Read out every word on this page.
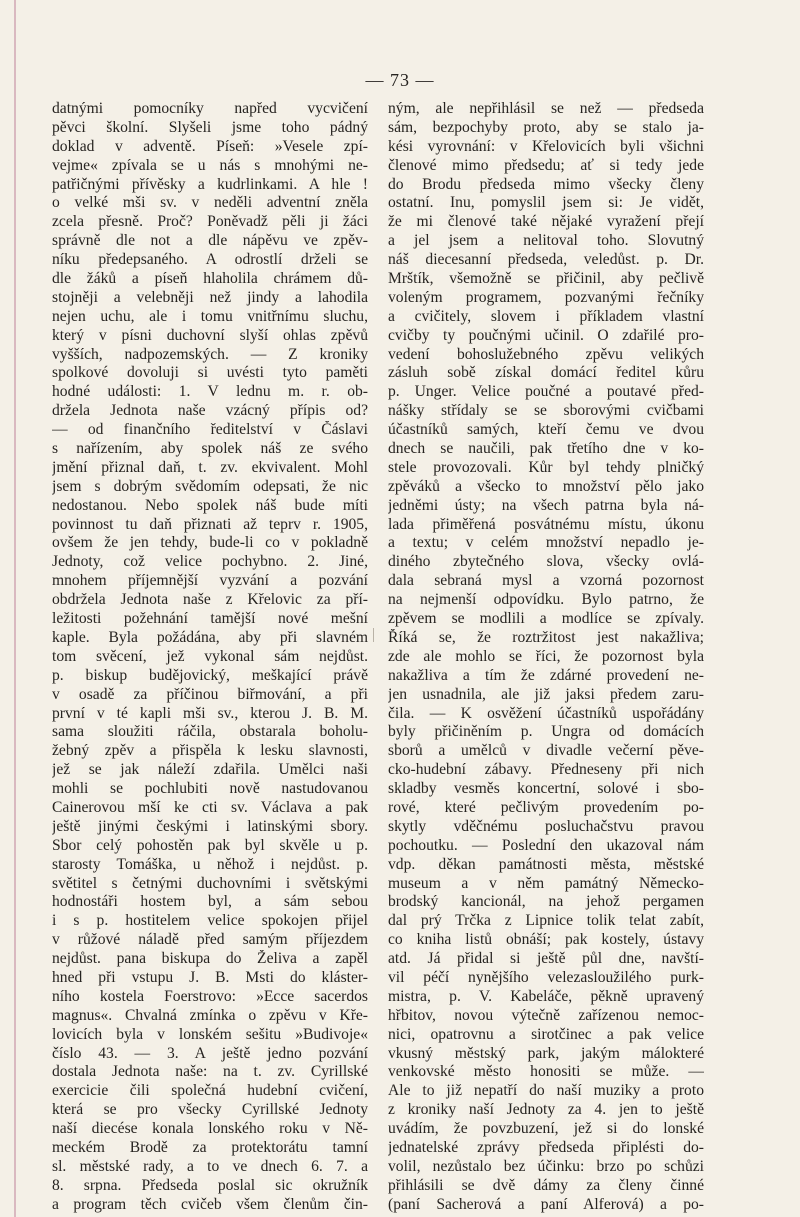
— 73 —
datnými pomocníky napřed vycvičení
pěvci školní. Slyšeli jsme toho pádný
doklad v adventě. Píseň: »Vesele zpí-
vejme« zpívala se u nás s mnohými ne-
patřičnými přívěsky a kudrlinkami. A hle !
o velké mši sv. v neděli adventní zněla
zcela přesně. Proč? Poněvadž pěli ji žáci
správně dle not a dle nápěvu ve zpěv-
níku předepsaného. A odrostlí drželi se
dle žáků a píseň hlaholila chrámem dů-
stojněji a velebněji než jindy a lahodila
nejen uchu, ale i tomu vnitřnímu sluchu,
který v písni duchovní slyší ohlas zpěvů
vyšších, nadpozemských. — Z kroniky
spolkové dovoluji si uvésti tyto paměti
hodné události: 1. V lednu m. r. ob-
držela Jednota naše vzácný přípis od?
— od finančního ředitelství v Čáslavi
s nařízením, aby spolek náš ze svého
jmění přiznal daň, t. zv. ekvivalent. Mohl
jsem s dobrým svědomím odepsati, že nic
nedostanou. Nebo spolek náš bude míti
povinnost tu daň přiznati až teprv r. 1905,
ovšem že jen tehdy, bude-li co v pokladně
Jednoty, což velice pochybno. 2. Jiné,
mnohem příjemnější vyzvání a pozvání
obdržela Jednota naše z Křelovic za pří-
ležitosti požehnání tamější nové mešní
kaple. Byla požádána, aby při slavném
tom svěcení, jež vykonal sám nejdůst.
p. biskup budějovický, meškající právě
v osadě za příčinou biřmování, a při
první v té kapli mši sv., kterou J. B. M.
sama sloužiti ráčila, obstarala boholu-
žebný zpěv a přispěla k lesku slavnosti,
jež se jak náleží zdařila. Umělci naši
mohli se pochlubiti nově nastudovanou
Cainerovou mší ke cti sv. Václava a pak
ještě jinými českými i latinskými sbory.
Sbor celý pohostěn pak byl skvěle u p.
starosty Tomáška, u něhož i nejdůst. p.
světitel s četnými duchovními i světskými
hodnostáři hostem byl, a sám sebou
i s p. hostitelem velice spokojen přijel
v růžové náladě před samým příjezdem
nejdůst. pana biskupa do Želiva a zapěl
hned při vstupu J. B. Msti do kláster-
ního kostela Foerstrovo: »Ecce sacerdos
magnus«. Chvalná zmínka o zpěvu v Kře-
lovicích byla v lonském sešitu »Budivoje«
číslo 43. — 3. A ještě jedno pozvání
dostala Jednota naše: na t. zv. Cyrillské
exercicie čili společná hudební cvičení,
která se pro všecky Cyrillské Jednoty
naší diecése konala lonského roku v Ně-
meckém Brodě za protektorátu tamní
sl. městské rady, a to ve dnech 6. 7. a
8. srpna. Předseda poslal sic okružník
a program těch cvičeb všem členům čin-
ným, ale nepřihlásil se než — předseda
sám, bezpochyby proto, aby se stalo ja-
kési vyrovnání: v Křelovicích byli všichni
členové mimo předsedu; ať si tedy jede
do Brodu předseda mimo všecky členy
ostatní. Inu, pomyslil jsem si: Je vidět,
že mi členové také nějaké vyražení přejí
a jel jsem a nelitoval toho. Slovutný
náš diecesanní předseda, veledůst. p. Dr.
Mrštík, všemožně se přičinil, aby pečlivě
voleným programem, pozvanými řečníky
a cvičitely, slovem i příkladem vlastní
cvičby ty poučnými učinil. O zdařilé pro-
vedení bohoslužebného zpěvu velikých
zásluh sobě získal domácí ředitel kůru
p. Unger. Velice poučné a poutavé před-
nášky střídaly se se sborovými cvičbami
účastníků samých, kteří čemu ve dvou
dnech se naučili, pak třetího dne v ko-
stele provozovali. Kůr byl tehdy plničký
zpěváků a všecko to množství pělo jako
jedněmi ústy; na všech patrna byla ná-
lada přiměřená posvátnému místu, úkonu
a textu; v celém množství nepadlo je-
diného zbytečného slova, všecky ovlá-
dala sebraná mysl a vzorná pozornost
na nejmenší odpovídku. Bylo patrno, že
zpěvem se modlili a modlíce se zpívaly.
Říká se, že roztržitost jest nakažliva;
zde ale mohlo se říci, že pozornost byla
nakažliva a tím že zdárné provedení ne-
jen usnadnila, ale již jaksi předem zaru-
čila. — K osvěžení účastníků uspořádány
byly přičiněním p. Ungra od domácích
sborů a umělců v divadle večerní pěve-
cko-hudební zábavy. Předneseny při nich
skladby vesměs koncertní, solové i sbo-
rové, které pečlivým provedením po-
skytly vděčnému posluchačstvu pravou
pochoutku. — Poslední den ukazoval nám
vdp. děkan památnosti města, městské
museum a v něm památný Německo-
brodský kancionál, na jehož pergamen
dal prý Trčka z Lipnice tolik telat zabít,
co kniha listů obnáší; pak kostely, ústavy
atd. Já přidal si ještě půl dne, navští-
vil péčí nynějšího velezasloužilého purk-
mistra, p. V. Kabeláče, pěkně upravený
hřbitov, novou výtečně zařízenou nemoc-
nici, opatrovnu a sirotčinec a pak velice
vkusný městský park, jakým málokteré
venkovské město honositi se může. —
Ale to již nepatří do naší muziky a proto
z kroniky naší Jednoty za 4. jen to ještě
uvádím, že povzbuzení, jež si do lonské
jednatelské zprávy předseda připlésti do-
volil, nezůstalo bez účinku: brzo po schůzi
přihlásili se dvě dámy za členy činné
(paní Sacherová a paní Alferová) a po-
